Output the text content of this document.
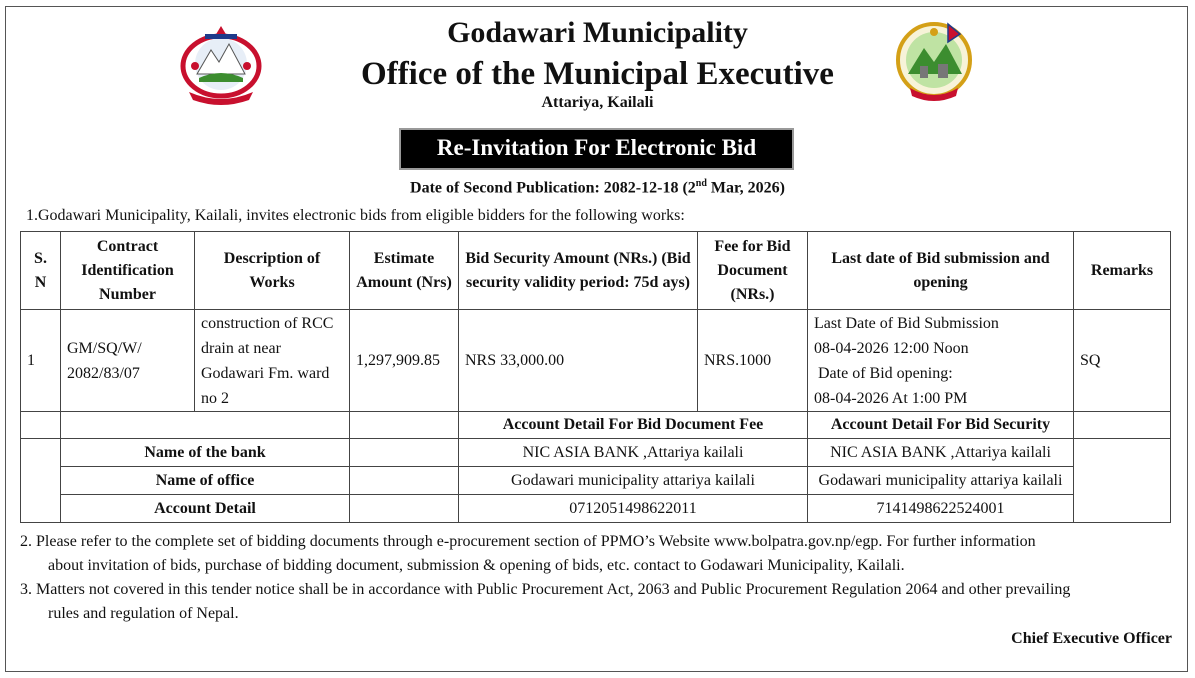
Godawari Municipality
Office of the Municipal Executive
Attariya, Kailali
Re-Invitation For Electronic Bid
Date of Second Publication: 2082-12-18 (2nd Mar, 2026)
1.Godawari Municipality, Kailali, invites electronic bids from eligible bidders for the following works:
S. N	Contract Identification Number	Description of Works	Estimate Amount (Nrs)	Bid Security Amount (NRs.) (Bid security validity period: 75d ays)	Fee for Bid Document (NRs.)	Last date of Bid submission and opening	Remarks
1	GM/SQ/W/ 2082/83/07	construction of RCC drain at near Godawari Fm. ward no 2	1,297,909.85	NRS 33,000.00	NRS.1000	Last Date of Bid Submission
08-04-2026 12:00 Noon
Date of Bid opening:
08-04-2026 At 1:00 PM	SQ
				Account Detail For Bid Document Fee		Account Detail For Bid Security	
	Name of the bank			NIC ASIA BANK ,Attariya kailali		NIC ASIA BANK ,Attariya kailali	
	Name of office			Godawari municipality attariya kailali		Godawari municipality attariya kailali	
	Account Detail			0712051498622011		7141498622524001	
2. Please refer to the complete set of bidding documents through e-procurement section of PPMO’s Website www.bolpatra.gov.np/egp. For further information
about invitation of bids, purchase of bidding document, submission & opening of bids, etc. contact to Godawari Municipality, Kailali.
3. Matters not covered in this tender notice shall be in accordance with Public Procurement Act, 2063 and Public Procurement Regulation 2064 and other prevailing
rules and regulation of Nepal.
Chief Executive Officer
